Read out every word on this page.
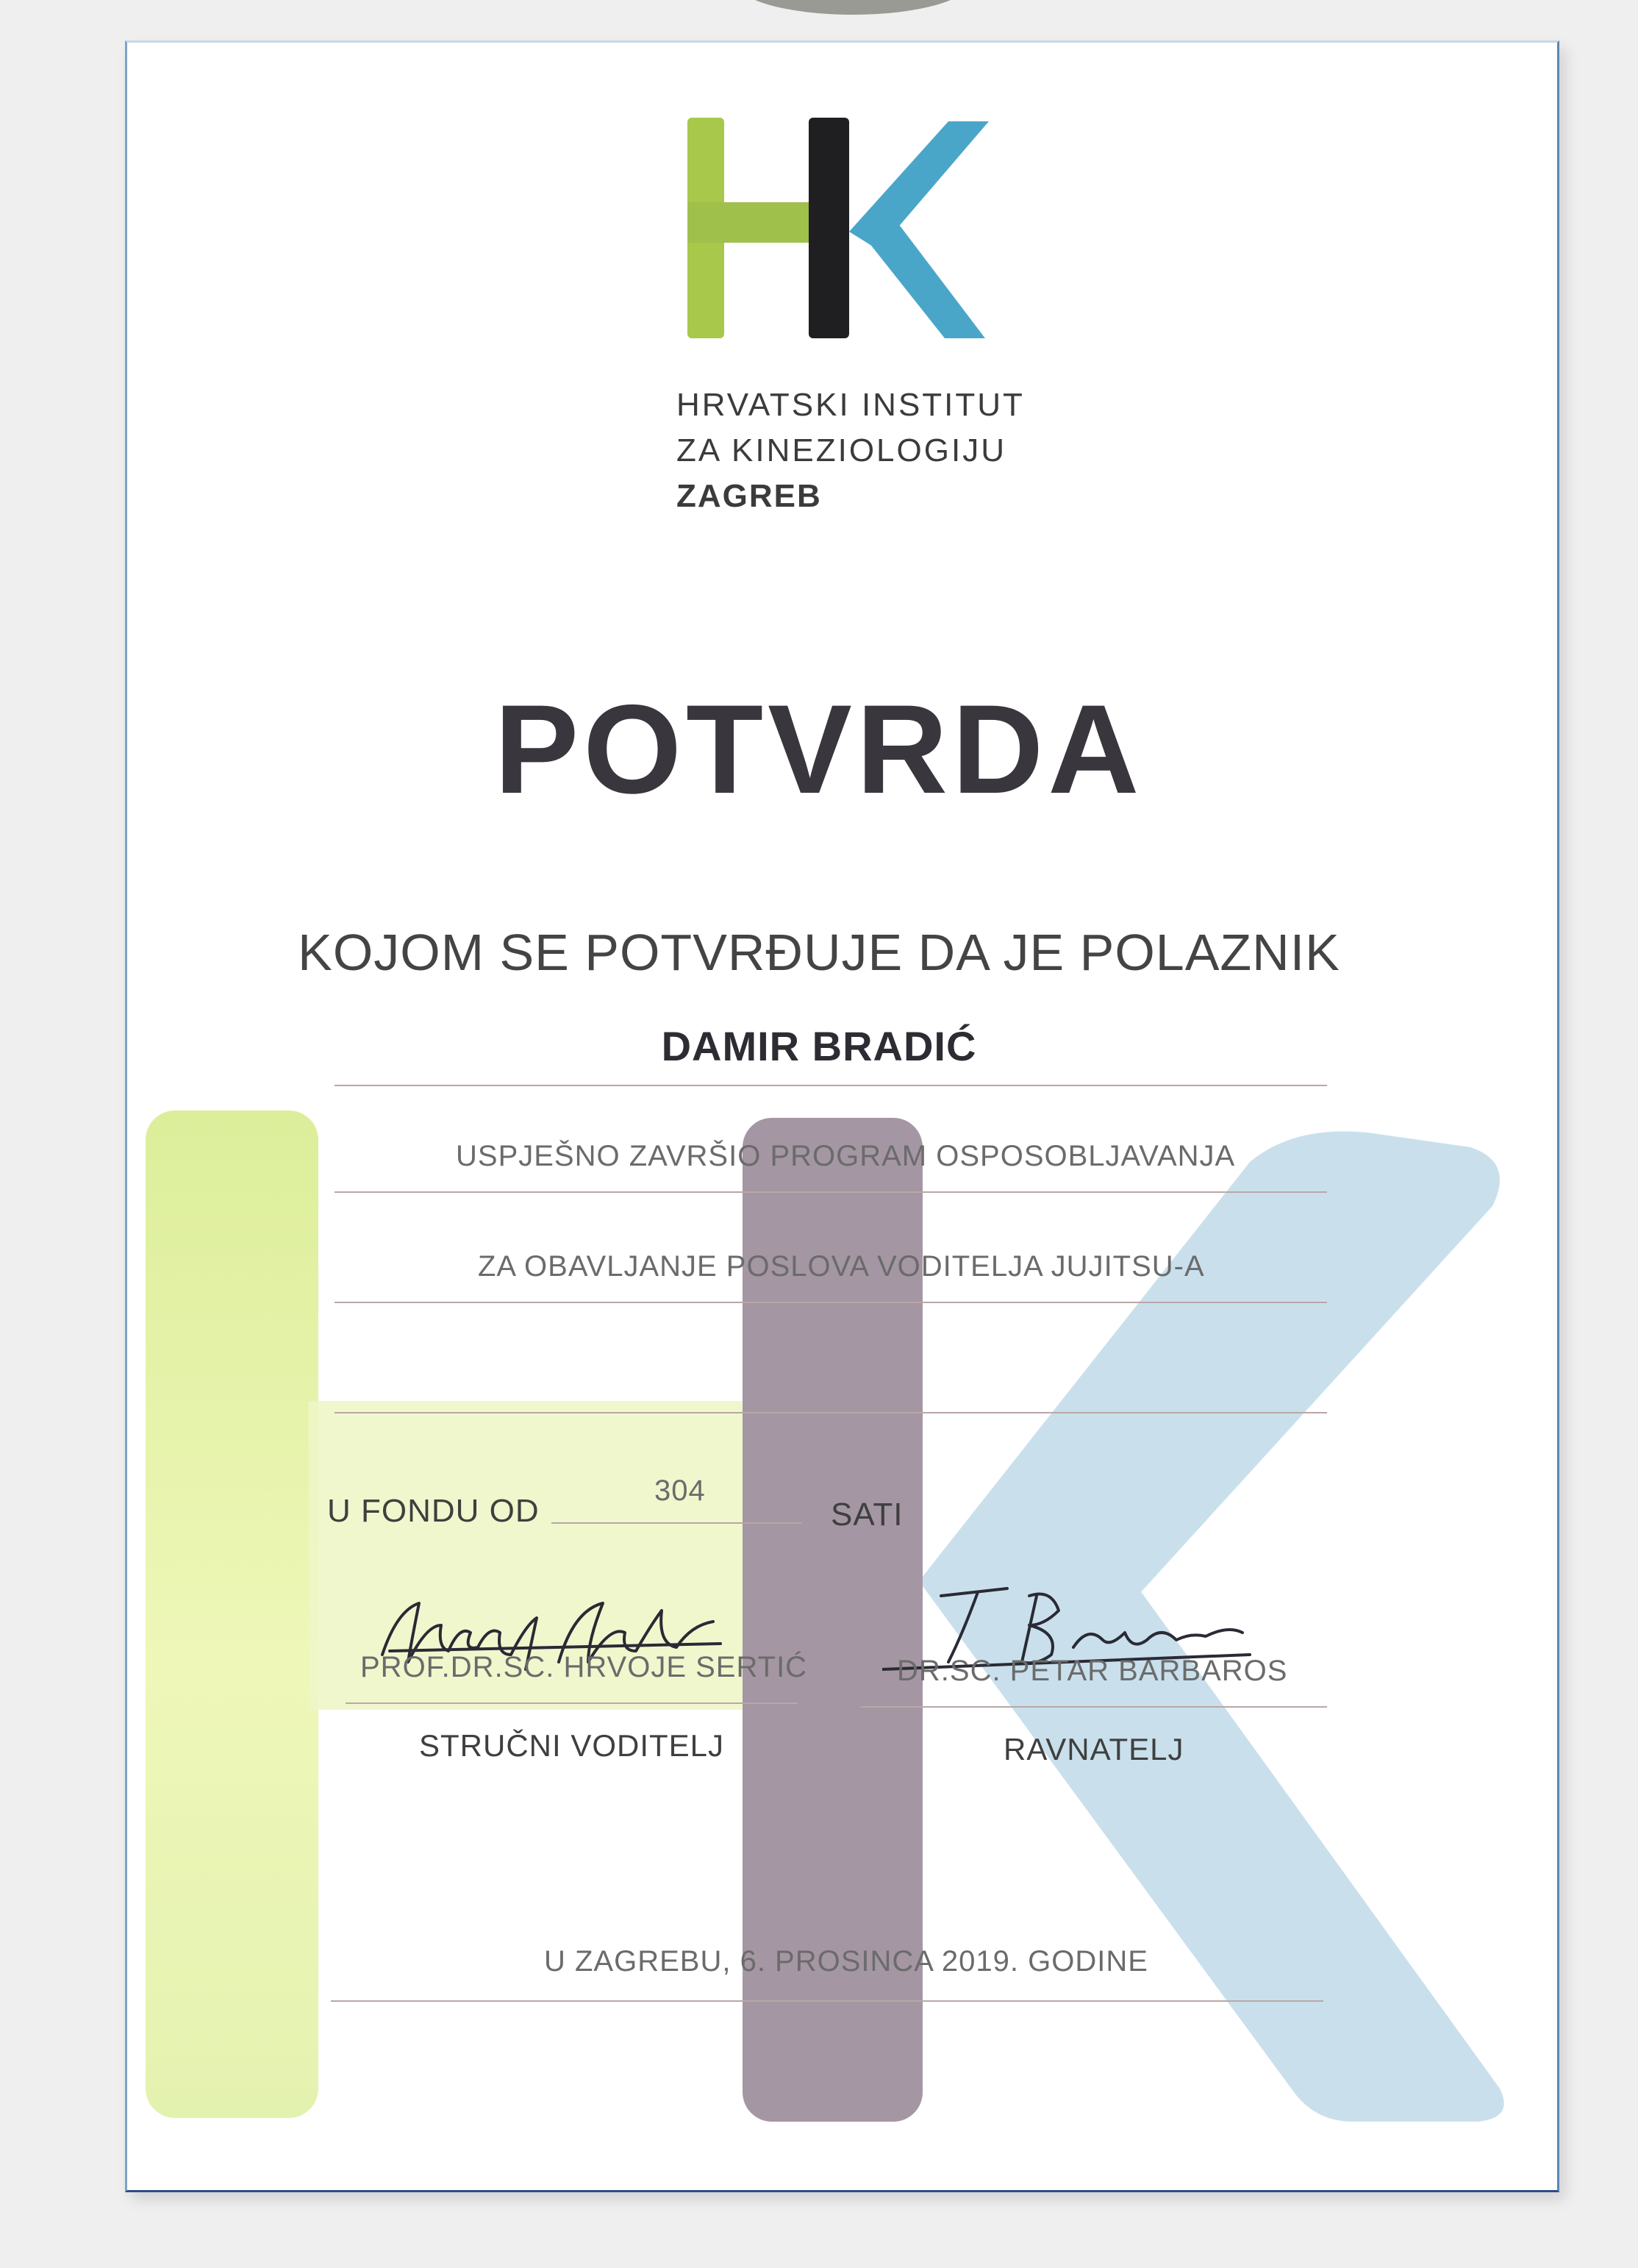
HRVATSKI INSTITUT
ZA KINEZIOLOGIJU
ZAGREB
POTVRDA
KOJOM SE POTVRĐUJE DA JE POLAZNIK
DAMIR BRADIĆ
USPJEŠNO ZAVRŠIO PROGRAM OSPOSOBLJAVANJA
ZA OBAVLJANJE POSLOVA VODITELJA JUJITSU-A
U FONDU OD
304
SATI
PROF.DR.SC. HRVOJE SERTIĆ	DR.SC. PETAR BARBAROS
STRUČNI VODITELJ	RAVNATELJ
U ZAGREBU, 6. PROSINCA 2019. GODINE
